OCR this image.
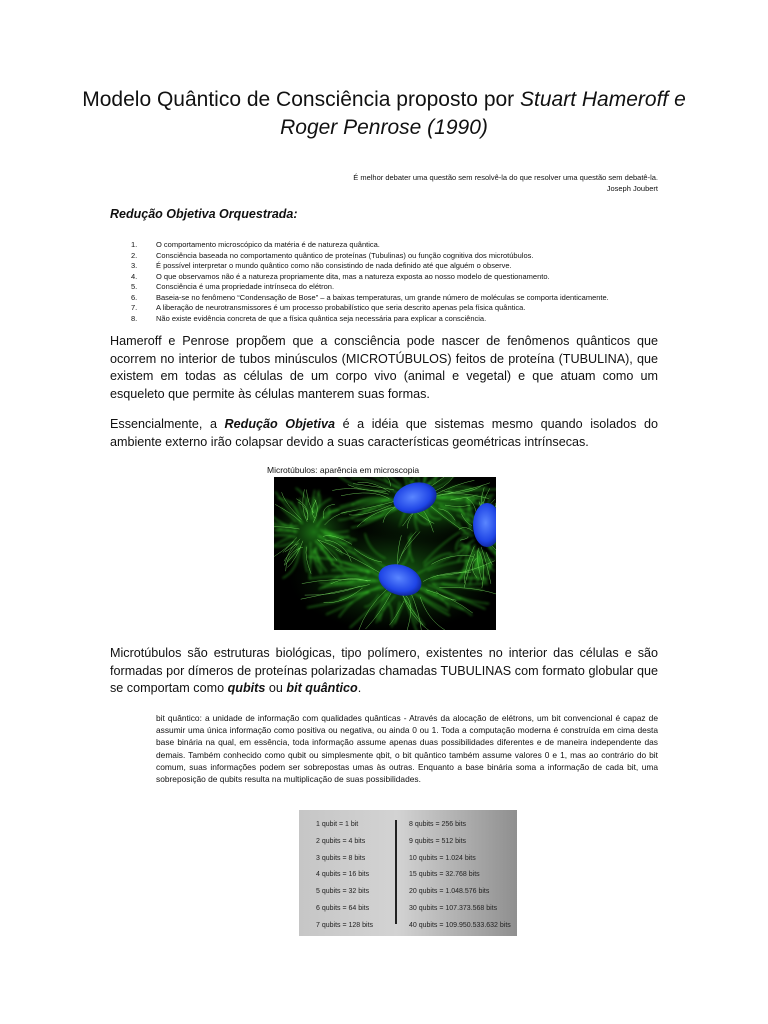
Modelo Quântico de Consciência proposto por Stuart Hameroff e Roger Penrose (1990)
É melhor debater uma questão sem resolvê-la do que resolver uma questão sem debatê-la.
Joseph Joubert
Redução Objetiva Orquestrada:
1.	O comportamento microscópico da matéria é de natureza quântica.
2.	Consciência baseada no comportamento quântico de proteínas (Tubulinas) ou função cognitiva dos microtúbulos.
3.	É possível interpretar o mundo quântico como não consistindo de nada definido até que alguém o observe.
4.	O que observamos não é a natureza propriamente dita, mas a natureza exposta ao nosso modelo de questionamento.
5.	Consciência é uma propriedade intrínseca do elétron.
6.	Baseia-se no fenômeno “Condensação de Bose” – a baixas temperaturas, um grande número de moléculas se comporta identicamente.
7.	A liberação de neurotransmissores é um processo probabilístico que seria descrito apenas pela física quântica.
8.	Não existe evidência concreta de que a física quântica seja necessária para explicar a consciência.

Hameroff e Penrose propõem que a consciência pode nascer de fenômenos quânticos que ocorrem no interior de tubos minúsculos (MICROTÚBULOS) feitos de proteína (TUBULINA), que existem em todas as células de um corpo vivo (animal e vegetal) e que atuam como um esqueleto que permite às células manterem suas formas.

Essencialmente, a Redução Objetiva é a idéia que sistemas mesmo quando isolados do ambiente externo irão colapsar devido a suas características geométricas intrínsecas.

Microtúbulos: aparência em microscopia

Microtúbulos são estruturas biológicas, tipo polímero, existentes no interior das células e são formadas por dímeros de proteínas polarizadas chamadas TUBULINAS com formato globular que se comportam como qubits ou bit quântico.

bit quântico: a unidade de informação com qualidades quânticas - Através da alocação de elétrons, um bit convencional é capaz de assumir uma única informação como positiva ou negativa, ou ainda 0 ou 1. Toda a computação moderna é construída em cima desta base binária na qual, em essência, toda informação assume apenas duas possibilidades diferentes e de maneira independente das demais. Também conhecido como qubit ou simplesmente qbit, o bit quântico também assume valores 0 e 1, mas ao contrário do bit comum, suas informações podem ser sobrepostas umas às outras. Enquanto a base binária soma a informação de cada bit, uma sobreposição de qubits resulta na multiplicação de suas possibilidades.

1 qubit = 1 bit
2 qubits = 4 bits
3 qubits = 8 bits
4 qubits = 16 bits
5 qubits = 32 bits
6 qubits = 64 bits
7 qubits = 128 bits
8 qubits = 256 bits
9 qubits = 512 bits
10 qubits = 1.024 bits
15 qubits = 32.768 bits
20 qubits = 1.048.576 bits
30 qubits = 107.373.568 bits
40 qubits = 109.950.533.632 bits
